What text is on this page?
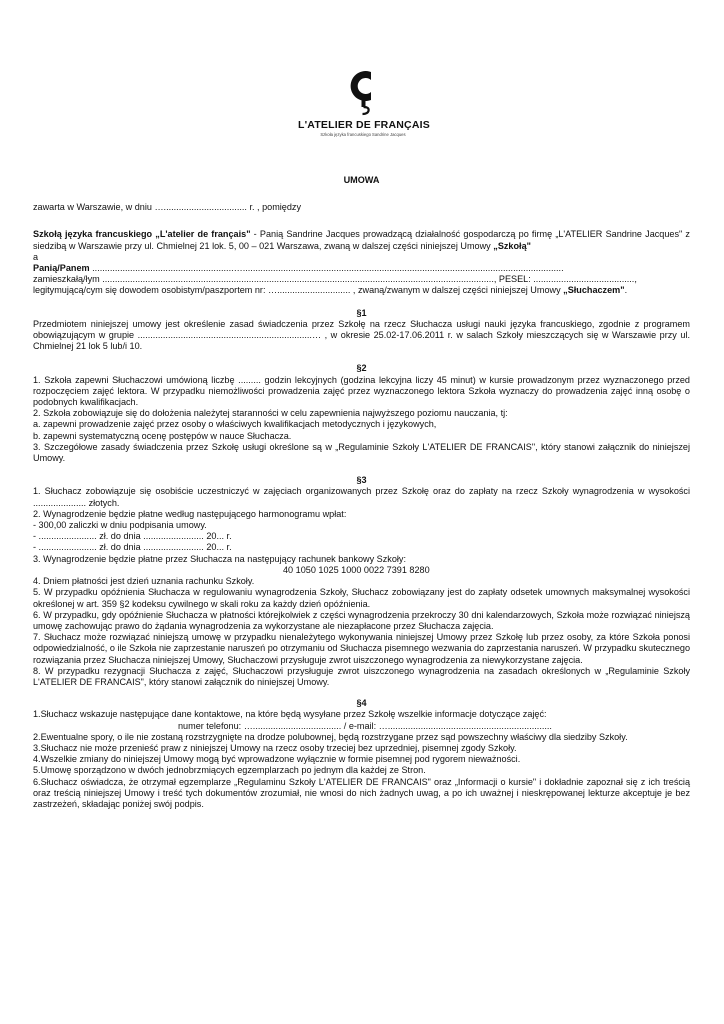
L'ATELIER DE FRANÇAIS
Szkoła języka francuskiego Sandrine Jacques

UMOWA

zawarta w Warszawie, w dniu …................................. r. , pomiędzy

Szkołą języka francuskiego „L'atelier de français" - Panią Sandrine Jacques prowadzącą działalność gospodarczą po firmę „L'ATELIER Sandrine Jacques" z siedzibą w Warszawie przy ul. Chmielnej 21 lok. 5, 00 – 021 Warszawa, zwaną w dalszej części niniejszej Umowy „Szkołą"

a

Panią/Panem ........................................................…...............................................................................................................................

zamieszkałą/łym ..........................................................................................................................................................., PESEL: ........................................,

legitymującą/cym się dowodem osobistym/paszportem nr: …............................. , zwaną/zwanym w dalszej części niniejszej Umowy „Słuchaczem".

§1

Przedmiotem niniejszej umowy jest określenie zasad świadczenia przez Szkołę na rzecz Słuchacza usługi nauki języka francuskiego, zgodnie z programem obowiązującym w grupie .....................................................................… , w okresie 25.02-17.06.2011 r. w salach Szkoły mieszczących się w Warszawie przy ul. Chmielnej 21 lok 5 lub/i 10.

§2

1. Szkoła zapewni Słuchaczowi umówioną liczbę ......... godzin lekcyjnych (godzina lekcyjna liczy 45 minut) w kursie prowadzonym przez wyznaczonego przed rozpoczęciem zajęć lektora. W przypadku niemożliwości prowadzenia zajęć przez wyznaczonego lektora Szkoła wyznaczy do prowadzenia zajęć inną osobę o podobnych kwalifikacjach.

2. Szkoła zobowiązuje się do dołożenia należytej staranności w celu zapewnienia najwyższego poziomu nauczania, tj:

a. zapewni prowadzenie zajęć przez osoby o właściwych kwalifikacjach metodycznych i językowych,

b. zapewni systematyczną ocenę postępów w nauce Słuchacza.

3. Szczegółowe zasady świadczenia przez Szkołę usługi określone są w „Regulaminie Szkoły L'ATELIER DE FRANCAIS", który stanowi załącznik do niniejszej Umowy.

§3

1. Słuchacz zobowiązuje się osobiście uczestniczyć w zajęciach organizowanych przez Szkołę oraz do zapłaty na rzecz Szkoły wynagrodzenia w wysokości ..................... złotych.

2. Wynagrodzenie będzie płatne według następującego harmonogramu wpłat:

- 300,00 zaliczki w dniu podpisania umowy.

- ....................... zł. do dnia ........................ 20... r.

- ....................... zł. do dnia ........................ 20... r.

3. Wynagrodzenie będzie płatne przez Słuchacza na następujący rachunek bankowy Szkoły:

40 1050 1025 1000 0022 7391 8280

4. Dniem płatności jest dzień uznania rachunku Szkoły.

5. W przypadku opóźnienia Słuchacza w regulowaniu wynagrodzenia Szkoły, Słuchacz zobowiązany jest do zapłaty odsetek umownych maksymalnej wysokości określonej w art. 359 §2 kodeksu cywilnego w skali roku za każdy dzień opóźnienia.

6. W przypadku, gdy opóźnienie Słuchacza w płatności którejkolwiek z części wynagrodzenia przekroczy 30 dni kalendarzowych, Szkoła może rozwiązać niniejszą umowę zachowując prawo do żądania wynagrodzenia za wykorzystane ale niezapłacone przez Słuchacza zajęcia.

7. Słuchacz może rozwiązać niniejszą umowę w przypadku nienależytego wykonywania niniejszej Umowy przez Szkołę lub przez osoby, za które Szkoła ponosi odpowiedzialność, o ile Szkoła nie zaprzestanie naruszeń po otrzymaniu od Słuchacza pisemnego wezwania do zaprzestania naruszeń. W przypadku skutecznego rozwiązania przez Słuchacza niniejszej Umowy, Słuchaczowi przysługuje zwrot uiszczonego wynagrodzenia za niewykorzystane zajęcia.

8. W przypadku rezygnacji Słuchacza z zajęć, Słuchaczowi przysługuje zwrot uiszczonego wynagrodzenia na zasadach określonych w „Regulaminie Szkoły L'ATELIER DE FRANCAIS", który stanowi załącznik do niniejszej Umowy.

§4

1.Słuchacz wskazuje następujące dane kontaktowe, na które będą wysyłane przez Szkołę wszelkie informacje dotyczące zajęć:

numer telefonu: …................................... / e-mail: ….................................................................

2.Ewentualne spory, o ile nie zostaną rozstrzygnięte na drodze polubownej, będą rozstrzygane przez sąd powszechny właściwy dla siedziby Szkoły.

3.Słuchacz nie może przenieść praw z niniejszej Umowy na rzecz osoby trzeciej bez uprzedniej, pisemnej zgody Szkoły.

4.Wszelkie zmiany do niniejszej Umowy mogą być wprowadzone wyłącznie w formie pisemnej pod rygorem nieważności.

5.Umowę sporządzono w dwóch jednobrzmiących egzemplarzach po jednym dla każdej ze Stron.

6.Słuchacz oświadcza, że otrzymał egzemplarze „Regulaminu Szkoły L'ATELIER DE FRANCAIS" oraz „Informacji o kursie" i dokładnie zapoznał się z ich treścią oraz treścią niniejszej Umowy i treść tych dokumentów zrozumiał, nie wnosi do nich żadnych uwag, a po ich uważnej i nieskrępowanej lekturze akceptuje je bez zastrzeżeń, składając poniżej swój podpis.
